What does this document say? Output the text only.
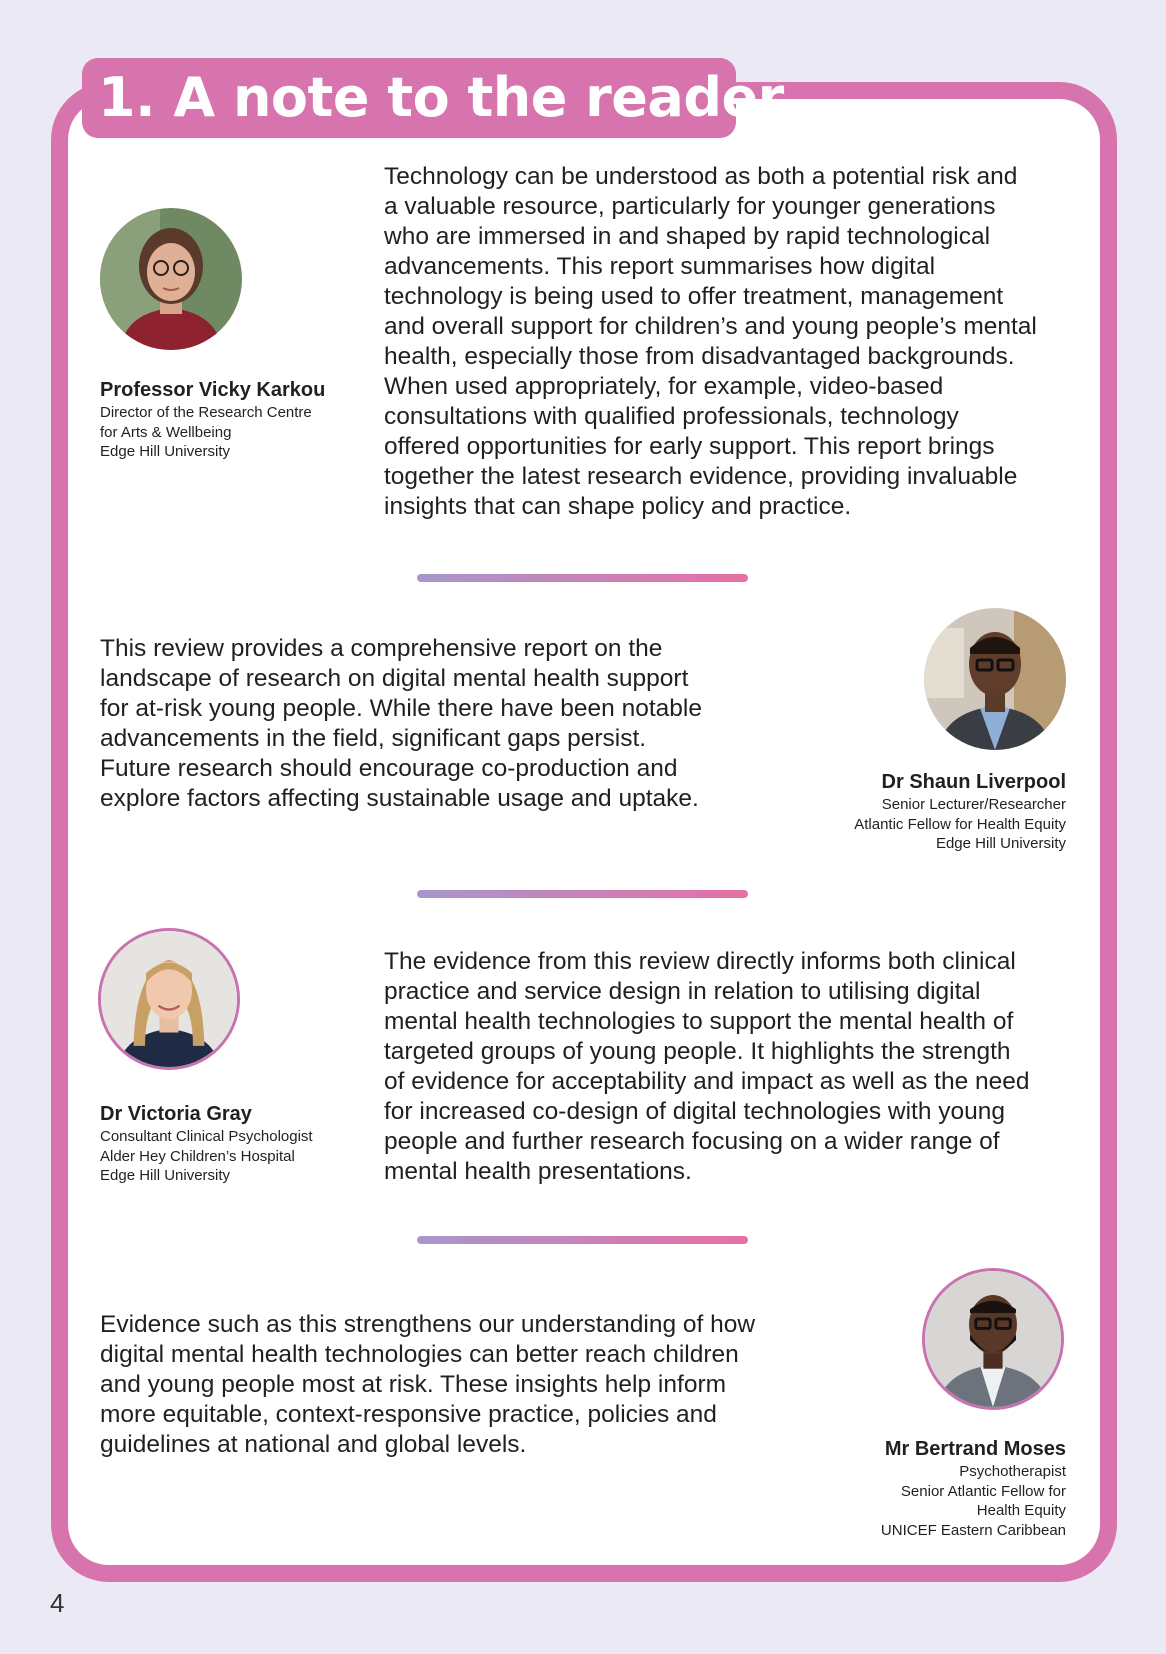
1. A note to the reader
Professor Vicky Karkou
Director of the Research Centre
for Arts & Wellbeing
Edge Hill University

Technology can be understood as both a potential risk and
a valuable resource, particularly for younger generations
who are immersed in and shaped by rapid technological
advancements. This report summarises how digital
technology is being used to offer treatment, management
and overall support for children’s and young people’s mental
health, especially those from disadvantaged backgrounds.
When used appropriately, for example, video-based
consultations with qualified professionals, technology
offered opportunities for early support. This report brings
together the latest research evidence, providing invaluable
insights that can shape policy and practice.

This review provides a comprehensive report on the
landscape of research on digital mental health support
for at-risk young people. While there have been notable
advancements in the field, significant gaps persist.
Future research should encourage co-production and
explore factors affecting sustainable usage and uptake.

Dr Shaun Liverpool
Senior Lecturer/Researcher
Atlantic Fellow for Health Equity
Edge Hill University
Dr Victoria Gray
Consultant Clinical Psychologist
Alder Hey Children’s Hospital
Edge Hill University

The evidence from this review directly informs both clinical
practice and service design in relation to utilising digital
mental health technologies to support the mental health of
targeted groups of young people. It highlights the strength
of evidence for acceptability and impact as well as the need
for increased co-design of digital technologies with young
people and further research focusing on a wider range of
mental health presentations.

Evidence such as this strengthens our understanding of how
digital mental health technologies can better reach children
and young people most at risk. These insights help inform
more equitable, context-responsive practice, policies and
guidelines at national and global levels.	Mr Bertrand Moses
Psychotherapist
Senior Atlantic Fellow for
Health Equity
UNICEF Eastern Caribbean
4
